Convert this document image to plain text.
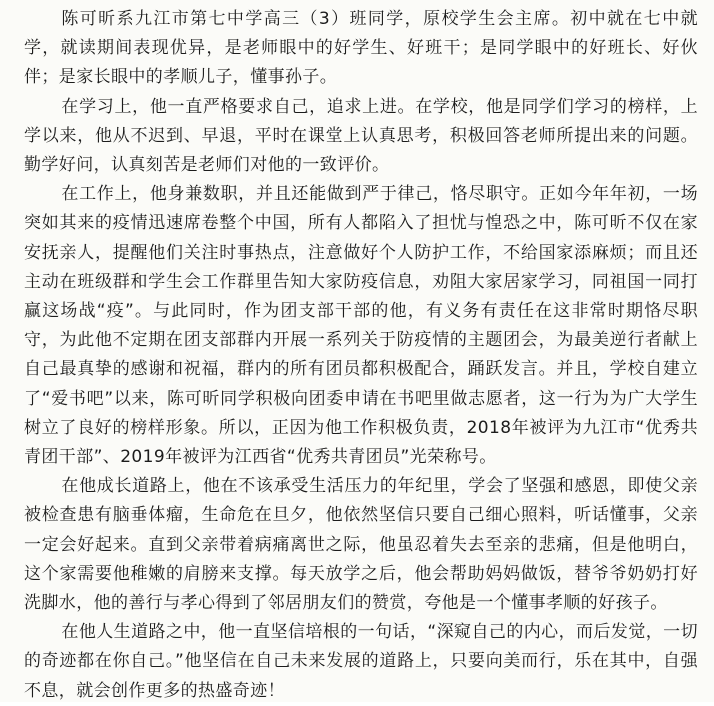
陈可昕系九江市第七中学高三（3）班同学，原校学生会主席。初中就在七中就学，就读期间表现优异，是老师眼中的好学生、好班干；是同学眼中的好班长、好伙伴；是家长眼中的孝顺儿子，懂事孙子。

在学习上，他一直严格要求自己，追求上进。在学校，他是同学们学习的榜样，上学以来，他从不迟到、早退，平时在课堂上认真思考，积极回答老师所提出来的问题。勤学好问，认真刻苦是老师们对他的一致评价。

在工作上，他身兼数职，并且还能做到严于律己，恪尽职守。正如今年年初，一场突如其来的疫情迅速席卷整个中国，所有人都陷入了担忧与惶恐之中，陈可昕不仅在家安抚亲人，提醒他们关注时事热点，注意做好个人防护工作，不给国家添麻烦；而且还主动在班级群和学生会工作群里告知大家防疫信息，劝阻大家居家学习，同祖国一同打赢这场战“疫”。与此同时，作为团支部干部的他，有义务有责任在这非常时期恪尽职守，为此他不定期在团支部群内开展一系列关于防疫情的主题团会，为最美逆行者献上自己最真挚的感谢和祝福，群内的所有团员都积极配合，踊跃发言。并且，学校自建立了“爱书吧”以来，陈可昕同学积极向团委申请在书吧里做志愿者，这一行为为广大学生树立了良好的榜样形象。所以，正因为他工作积极负责，2018年被评为九江市“优秀共青团干部”、2019年被评为江西省“优秀共青团员”光荣称号。

在他成长道路上，他在不该承受生活压力的年纪里，学会了坚强和感恩，即使父亲被检查患有脑垂体瘤，生命危在旦夕，他依然坚信只要自己细心照料，听话懂事，父亲一定会好起来。直到父亲带着病痛离世之际，他虽忍着失去至亲的悲痛，但是他明白，这个家需要他稚嫩的肩膀来支撑。每天放学之后，他会帮助妈妈做饭，替爷爷奶奶打好洗脚水，他的善行与孝心得到了邻居朋友们的赞赏，夸他是一个懂事孝顺的好孩子。

在他人生道路之中，他一直坚信培根的一句话，“深窥自己的内心，而后发觉，一切的奇迹都在你自己。”他坚信在自己未来发展的道路上，只要向美而行，乐在其中，自强不息，就会创作更多的热盛奇迹！
